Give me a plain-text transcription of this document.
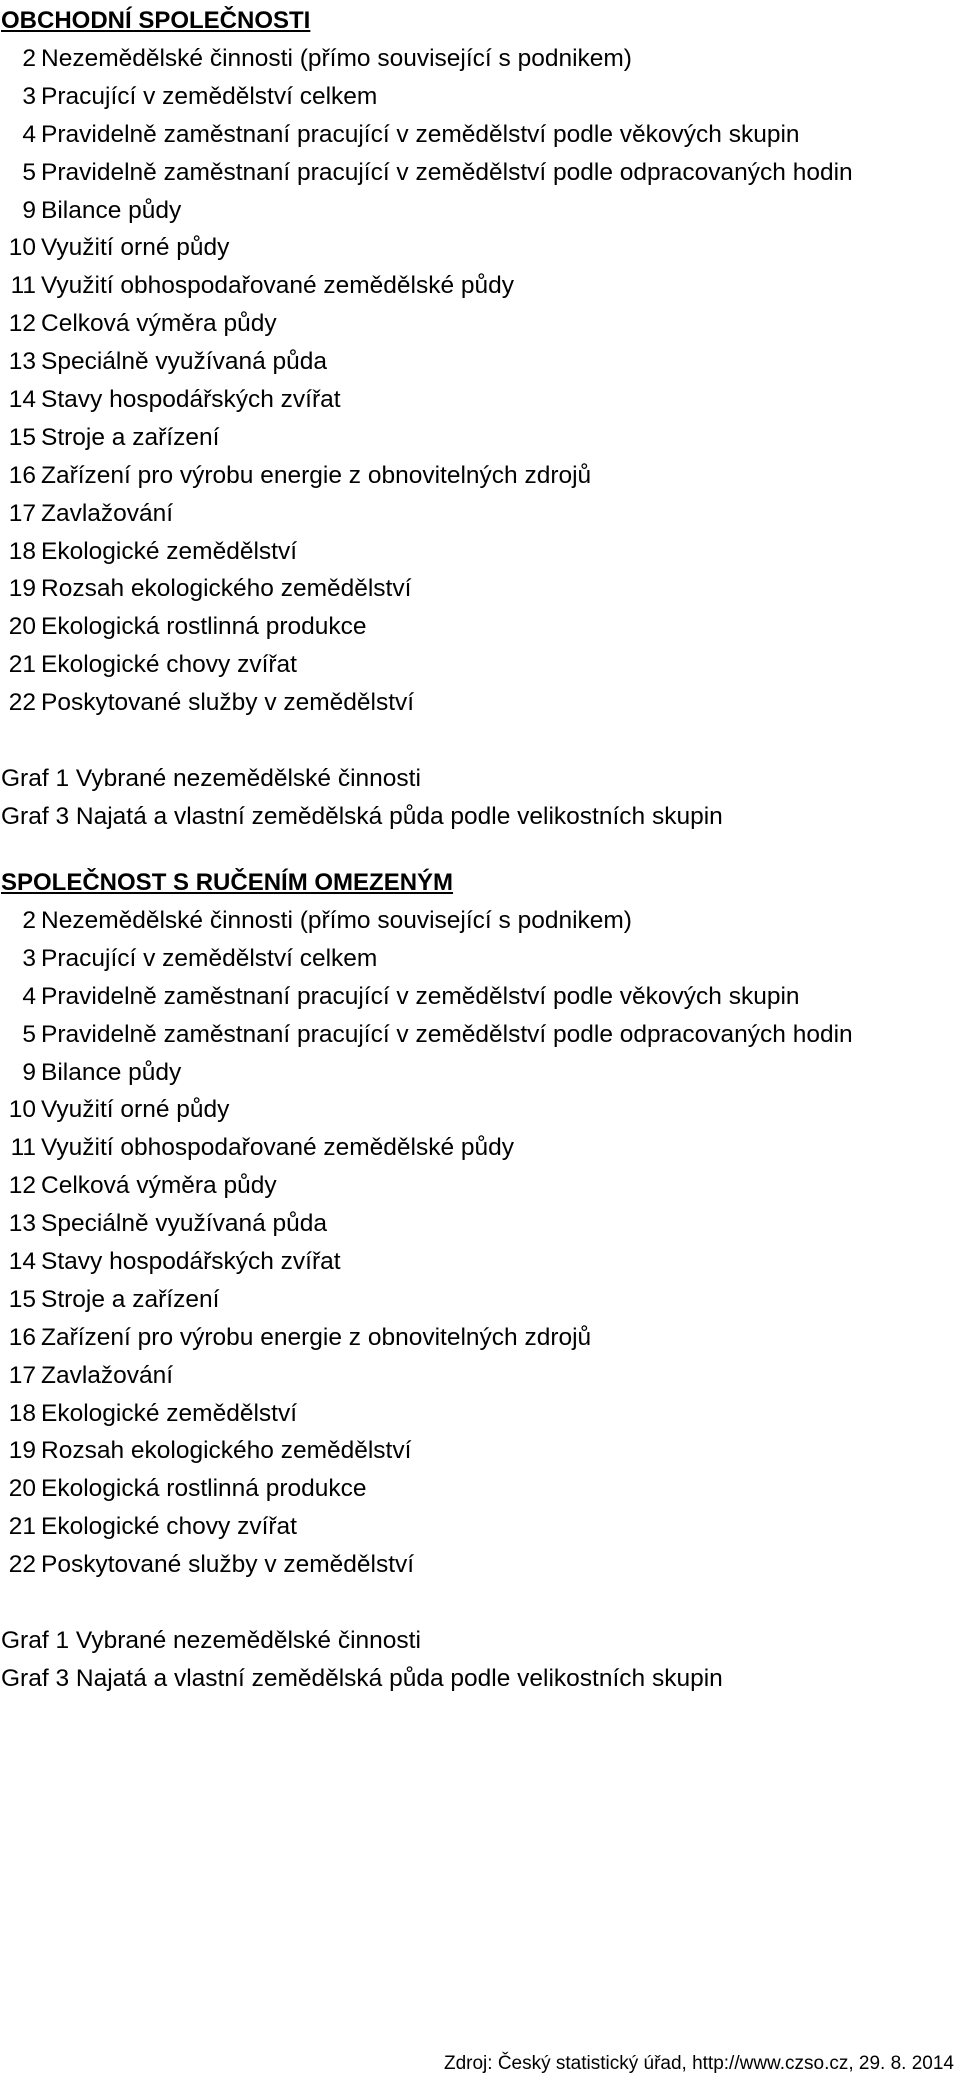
OBCHODNÍ SPOLEČNOSTI
2 Nezemědělské činnosti (přímo související s podnikem)
3 Pracující v zemědělství celkem
4 Pravidelně zaměstnaní pracující v zemědělství podle věkových skupin
5 Pravidelně zaměstnaní pracující v zemědělství podle odpracovaných hodin
9 Bilance půdy
10 Využití orné půdy
11 Využití obhospodařované zemědělské půdy
12 Celková výměra půdy
13 Speciálně využívaná půda
14 Stavy hospodářských zvířat
15 Stroje a zařízení
16 Zařízení pro výrobu energie z obnovitelných zdrojů
17 Zavlažování
18 Ekologické zemědělství
19 Rozsah ekologického zemědělství
20 Ekologická rostlinná produkce
21 Ekologické chovy zvířat
22 Poskytované služby v zemědělství
Graf 1 Vybrané nezemědělské činnosti
Graf 3 Najatá a vlastní zemědělská půda podle velikostních skupin
SPOLEČNOST S RUČENÍM OMEZENÝM
2 Nezemědělské činnosti (přímo související s podnikem)
3 Pracující v zemědělství celkem
4 Pravidelně zaměstnaní pracující v zemědělství podle věkových skupin
5 Pravidelně zaměstnaní pracující v zemědělství podle odpracovaných hodin
9 Bilance půdy
10 Využití orné půdy
11 Využití obhospodařované zemědělské půdy
12 Celková výměra půdy
13 Speciálně využívaná půda
14 Stavy hospodářských zvířat
15 Stroje a zařízení
16 Zařízení pro výrobu energie z obnovitelných zdrojů
17 Zavlažování
18 Ekologické zemědělství
19 Rozsah ekologického zemědělství
20 Ekologická rostlinná produkce
21 Ekologické chovy zvířat
22 Poskytované služby v zemědělství
Graf 1 Vybrané nezemědělské činnosti
Graf 3 Najatá a vlastní zemědělská půda podle velikostních skupin
Zdroj: Český statistický úřad, http://www.czso.cz, 29. 8. 2014
